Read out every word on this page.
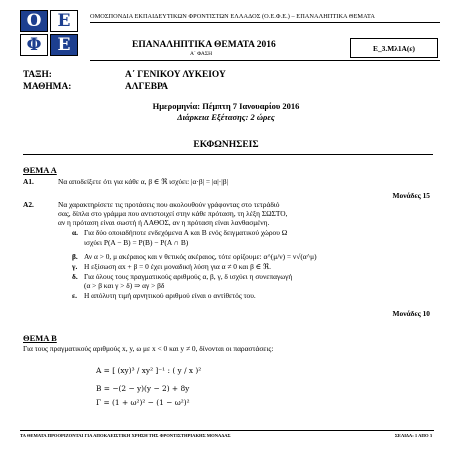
Ο Ε
Φ Ε
ΟΜΟΣΠΟΝΔΙΑ ΕΚΠΑΙΔΕΥΤΙΚΩΝ ΦΡΟΝΤΙΣΤΩΝ ΕΛΛΑΔΟΣ (Ο.Ε.Φ.Ε.) – ΕΠΑΝΑΛΗΠΤΙΚΑ ΘΕΜΑΤΑ
ΕΠΑΝΑΛΗΠΤΙΚΑ ΘΕΜΑΤΑ 2016
Α΄ ΦΑΣΗ
Ε_3.Μλ1Α(ε)
ΤΑΞΗ:	Α΄ ΓΕΝΙΚΟΥ ΛΥΚΕΙΟΥ
ΜΑΘΗΜΑ:	ΑΛΓΕΒΡΑ
Ημερομηνία: Πέμπτη 7 Ιανουαρίου 2016
Διάρκεια Εξέτασης: 2 ώρες
ΕΚΦΩΝΗΣΕΙΣ
ΘΕΜΑ Α
Α1.	Να αποδείξετε ότι για κάθε α, β ∈ ℜ ισχύει: |α·β| = |α|·|β|
Μονάδες 15
Α2.	Να χαρακτηρίσετε τις προτάσεις που ακολουθούν γράφοντας στο τετράδιό
σας, δίπλα στο γράμμα που αντιστοιχεί στην κάθε πρόταση, τη λέξη ΣΩΣΤΟ,
αν η πρόταση είναι σωστή ή ΛΑΘΟΣ, αν η πρόταση είναι λανθασμένη.
α. Για δύο οποιαδήποτε ενδεχόμενα Α και Β ενός δειγματικού χώρου Ω
ισχύει P(A − B) = P(B) − P(A ∩ B)
β. Αν α > 0, μ ακέραιος και ν θετικός ακέραιος, τότε ορίζουμε: α^(μ/ν) = ν√(α^μ)
γ. Η εξίσωση αx + β = 0 έχει μοναδική λύση για α ≠ 0 και β ∈ ℜ.
δ. Για όλους τους πραγματικούς αριθμούς α, β, γ, δ ισχύει η συνεπαγωγή
(α > β και γ > δ) ⇒ αγ > βδ
ε. Η απόλυτη τιμή αρνητικού αριθμού είναι ο αντίθετός του.
Μονάδες 10
ΘΕΜΑ Β
Για τους πραγματικούς αριθμούς x, y, ω με x < 0 και y ≠ 0, δίνονται οι παραστάσεις:
A = [ (xy)³ / xy² ]⁻¹ : ( y / x )²
B = −(2 − y)(y − 2) + 8y
Γ = (1 + ω²)² − (1 − ω²)²
ΤΑ ΘΕΜΑΤΑ ΠΡΟΟΡΙΖΟΝΤΑΙ ΓΙΑ ΑΠΟΚΛΕΙΣΤΙΚΗ ΧΡΗΣΗ ΤΗΣ ΦΡΟΝΤΙΣΤΗΡΙΑΚΗΣ ΜΟΝΑΔΑΣ	ΣΕΛΙΔΑ: 1 ΑΠΟ 3
